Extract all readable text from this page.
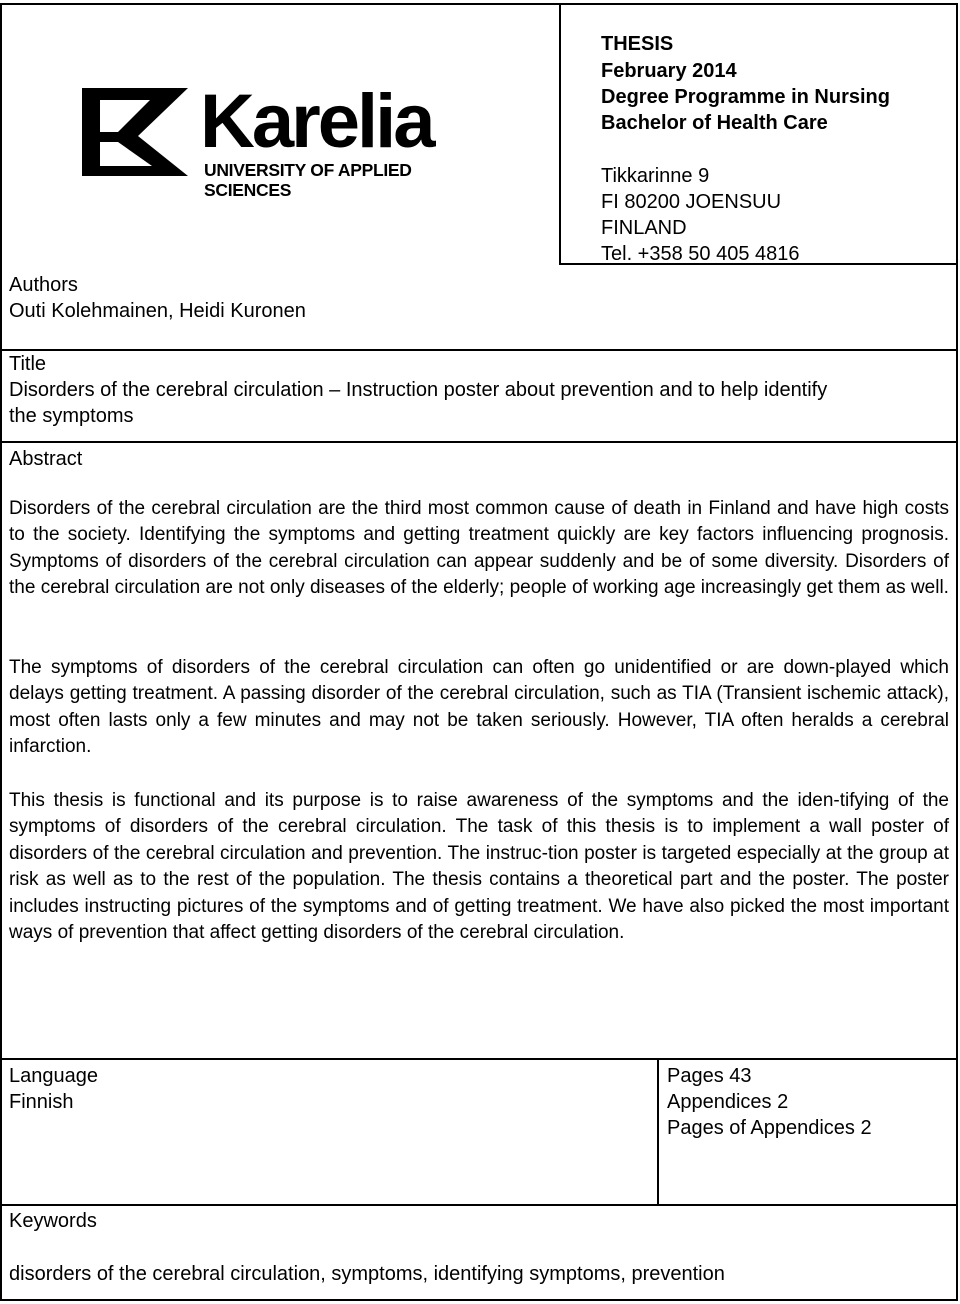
Karelia
UNIVERSITY OF APPLIED SCIENCES
THESIS
February 2014
Degree Programme in Nursing
Bachelor of Health Care
Tikkarinne 9
FI 80200 JOENSUU
FINLAND
Tel. +358 50 405 4816
Authors
Outi Kolehmainen, Heidi Kuronen
Title
Disorders of the cerebral circulation – Instruction poster about prevention and to help identify
the symptoms
Abstract
Disorders of the cerebral circulation are the third most common cause of death in Finland and have high costs to the society. Identifying the symptoms and getting treatment quickly are key factors influencing prognosis. Symptoms of disorders of the cerebral circulation can appear suddenly and be of some diversity. Disorders of the cerebral circulation are not only diseases of the elderly; people of working age increasingly get them as well.
The symptoms of disorders of the cerebral circulation can often go unidentified or are down-played which delays getting treatment. A passing disorder of the cerebral circulation, such as TIA (Transient ischemic attack), most often lasts only a few minutes and may not be taken seriously. However, TIA often heralds a cerebral infarction.
This thesis is functional and its purpose is to raise awareness of the symptoms and the iden-tifying of the symptoms of disorders of the cerebral circulation. The task of this thesis is to implement a wall poster of disorders of the cerebral circulation and prevention. The instruc-tion poster is targeted especially at the group at risk as well as to the rest of the population. The thesis contains a theoretical part and the poster. The poster includes instructing pictures of the symptoms and of getting treatment. We have also picked the most important ways of prevention that affect getting disorders of the cerebral circulation.
Language
Finnish
Pages 43
Appendices 2
Pages of Appendices 2
Keywords
disorders of the cerebral circulation, symptoms, identifying symptoms, prevention
